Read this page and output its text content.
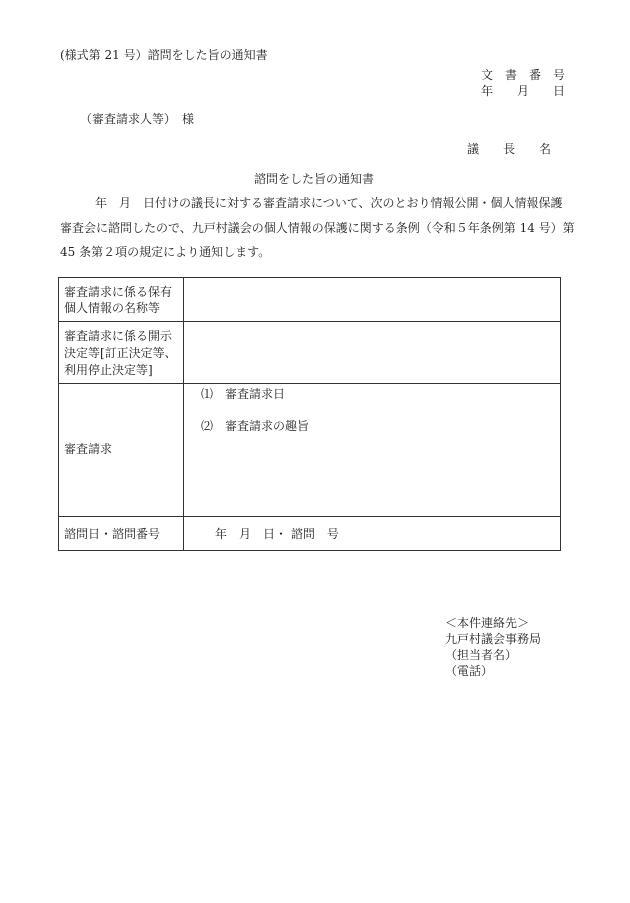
(様式第 21 号）諮問をした旨の通知書
文　書　番　号
年　　月　　日
（審査請求人等）　様
議　　長　　名
諮問をした旨の通知書
年　月　日付けの議長に対する審査請求について、次のとおり情報公開・個人情報保護
審査会に諮問したので、九戸村議会の個人情報の保護に関する条例（令和５年条例第 14 号）第
45 条第２項の規定により通知します。
審査請求に係る保有
個人情報の名称等	

審査請求に係る開示
決定等[訂正決定等、
利用停止決定等]	

審査請求	⑴　審査請求日
⑵　審査請求の趣旨

諮問日・諮問番号	年　月　日・ 諮問　号
＜本件連絡先＞
九戸村議会事務局
（担当者名）
（電話）
